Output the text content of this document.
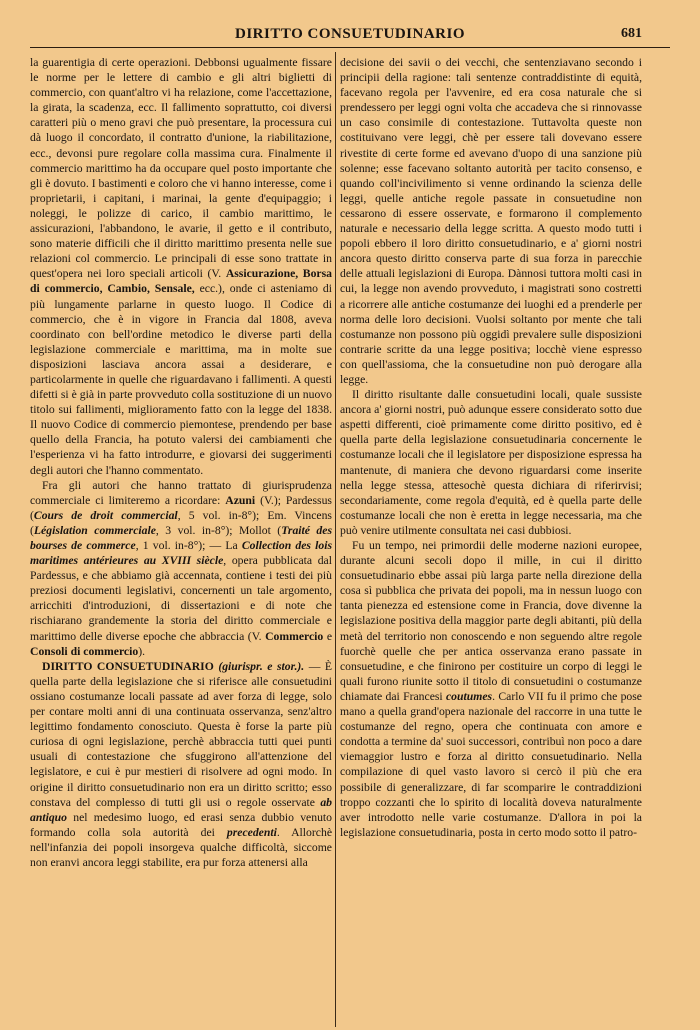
DIRITTO CONSUETUDINARIO	681

la guarentigia di certe operazioni. Debbonsi ugualmente fissare le norme per le lettere di cambio e gli altri biglietti di commercio, con quant'altro vi ha relazione, come l'accettazione, la girata, la scadenza, ecc. Il fallimento soprattutto, coi diversi caratteri più o meno gravi che può presentare, la processura cui dà luogo il concordato, il contratto d'unione, la riabilitazione, ecc., devonsi pure regolare colla massima cura. Finalmente il commercio marittimo ha da occupare quel posto importante che gli è dovuto. I bastimenti e coloro che vi hanno interesse, come i proprietarii, i capitani, i marinai, la gente d'equipaggio; i noleggi, le polizze di carico, il cambio marittimo, le assicurazioni, l'abbandono, le avarie, il getto e il contributo, sono materie difficili che il diritto marittimo presenta nelle sue relazioni col commercio. Le principali di esse sono trattate in quest'opera nei loro speciali articoli (V. Assicurazione, Borsa di commercio, Cambio, Sensale, ecc.), onde ci asteniamo di più lungamente parlarne in questo luogo. Il Codice di commercio, che è in vigore in Francia dal 1808, aveva coordinato con bell'ordine metodico le diverse parti della legislazione commerciale e marittima, ma in molte sue disposizioni lasciava ancora assai a desiderare, e particolarmente in quelle che riguardavano i fallimenti. A questi difetti si è già in parte provveduto colla sostituzione di un nuovo titolo sui fallimenti, miglioramento fatto con la legge del 1838. Il nuovo Codice di commercio piemontese, prendendo per base quello della Francia, ha potuto valersi dei cambiamenti che l'esperienza vi ha fatto introdurre, e giovarsi dei suggerimenti degli autori che l'hanno commentato.

Fra gli autori che hanno trattato di giurisprudenza commerciale ci limiteremo a ricordare: Azuni (V.); Pardessus (Cours de droit commercial, 5 vol. in-8°); Em. Vincens (Législation commerciale, 3 vol. in-8°); Mollot (Traité des bourses de commerce, 1 vol. in-8°); — La Collection des lois maritimes antérieures au XVIII siècle, opera pubblicata dal Pardessus, e che abbiamo già accennata, contiene i testi dei più preziosi documenti legislativi, concernenti un tale argomento, arricchiti d'introduzioni, di dissertazioni e di note che rischiarano grandemente la storia del diritto commerciale e marittimo delle diverse epoche che abbraccia (V. Commercio e Consoli di commercio).

DIRITTO CONSUETUDINARIO (giurispr. e stor.). — È quella parte della legislazione che si riferisce alle consuetudini ossiano costumanze locali passate ad aver forza di legge, solo per contare molti anni di una continuata osservanza, senz'altro legittimo fondamento conosciuto. Questa è forse la parte più curiosa di ogni legislazione, perchè abbraccia tutti quei punti usuali di contestazione che sfuggirono all'attenzione del legislatore, e cui è pur mestieri di risolvere ad ogni modo. In origine il diritto consuetudinario non era un diritto scritto; esso constava del complesso di tutti gli usi o regole osservate ab antiquo nel medesimo luogo, ed erasi senza dubbio venuto formando colla sola autorità dei precedenti. Allorchè nell'infanzia dei popoli insorgeva qualche difficoltà, siccome non eranvi ancora leggi stabilite, era pur forza attenersi alla

decisione dei savii o dei vecchi, che sentenziavano secondo i principii della ragione: tali sentenze contraddistinte di equità, facevano regola per l'avvenire, ed era cosa naturale che si prendessero per leggi ogni volta che accadeva che si rinnovasse un caso consimile di contestazione. Tuttavolta queste non costituivano vere leggi, chè per essere tali dovevano essere rivestite di certe forme ed avevano d'uopo di una sanzione più solenne; esse facevano soltanto autorità per tacito consenso, e quando coll'incivilimento si venne ordinando la scienza delle leggi, quelle antiche regole passate in consuetudine non cessarono di essere osservate, e formarono il complemento naturale e necessario della legge scritta. A questo modo tutti i popoli ebbero il loro diritto consuetudinario, e a' giorni nostri ancora questo diritto conserva parte di sua forza in parecchie delle attuali legislazioni di Europa. Dànnosi tuttora molti casi in cui, la legge non avendo provveduto, i magistrati sono costretti a ricorrere alle antiche costumanze dei luoghi ed a prenderle per norma delle loro decisioni. Vuolsi soltanto por mente che tali costumanze non possono più oggidì prevalere sulle disposizioni contrarie scritte da una legge positiva; locchè viene espresso con quell'assioma, che la consuetudine non può derogare alla legge.

Il diritto risultante dalle consuetudini locali, quale sussiste ancora a' giorni nostri, può adunque essere considerato sotto due aspetti differenti, cioè primamente come diritto positivo, ed è quella parte della legislazione consuetudinaria concernente le costumanze locali che il legislatore per disposizione espressa ha mantenute, di maniera che devono riguardarsi come inserite nella legge stessa, attesochè questa dichiara di riferirvisi; secondariamente, come regola d'equità, ed è quella parte delle costumanze locali che non è eretta in legge necessaria, ma che può venire utilmente consultata nei casi dubbiosi.

Fu un tempo, nei primordii delle moderne nazioni europee, durante alcuni secoli dopo il mille, in cui il diritto consuetudinario ebbe assai più larga parte nella direzione della cosa sì pubblica che privata dei popoli, ma in nessun luogo con tanta pienezza ed estensione come in Francia, dove divenne la legislazione positiva della maggior parte degli abitanti, più della metà del territorio non conoscendo e non seguendo altre regole fuorchè quelle che per antica osservanza erano passate in consuetudine, e che finirono per costituire un corpo di leggi le quali furono riunite sotto il titolo di consuetudini o costumanze chiamate dai Francesi coutumes. Carlo VII fu il primo che pose mano a quella grand'opera nazionale del raccorre in una tutte le costumanze del regno, opera che continuata con amore e condotta a termine da' suoi successori, contribuì non poco a dare viemaggior lustro e forza al diritto consuetudinario. Nella compilazione di quel vasto lavoro si cercò il più che era possibile di generalizzare, di far scomparire le contraddizioni troppo cozzanti che lo spirito di località doveva naturalmente aver introdotto nelle varie costumanze. D'allora in poi la legislazione consuetudinaria, posta in certo modo sotto il patro-
